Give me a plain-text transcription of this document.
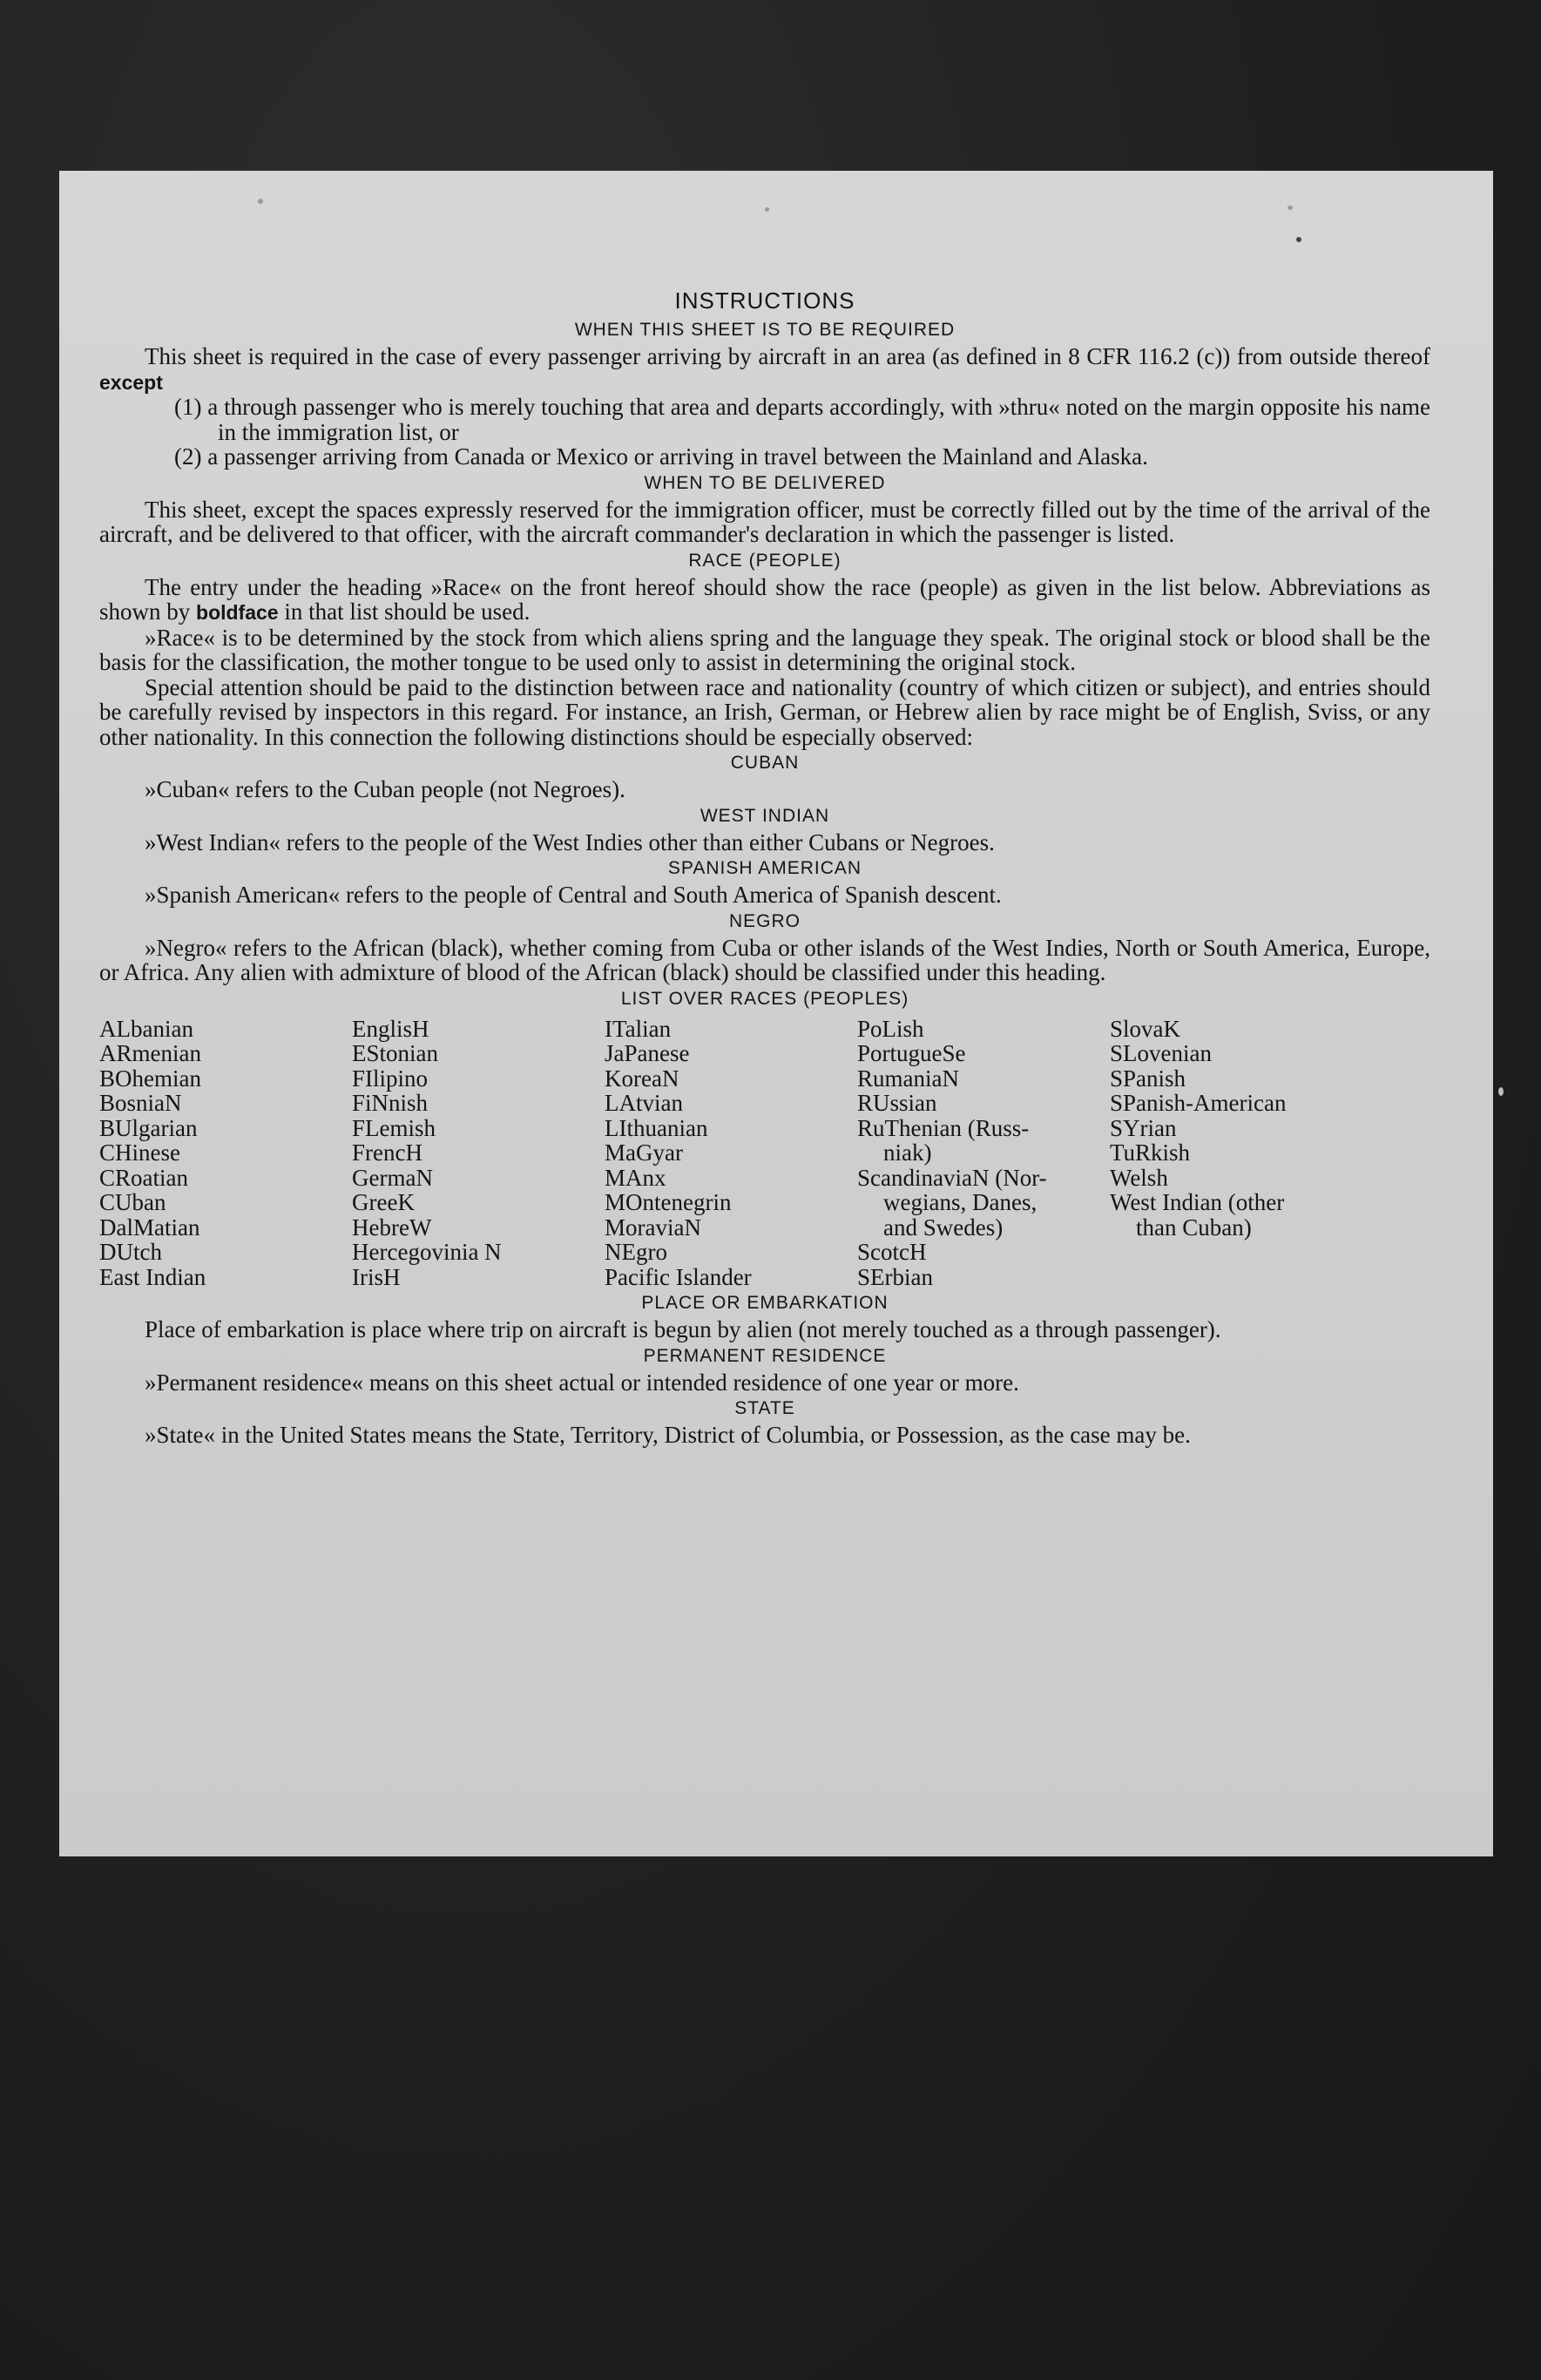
INSTRUCTIONS
WHEN THIS SHEET IS TO BE REQUIRED

This sheet is required in the case of every passenger arriving by aircraft in an area (as defined in 8 CFR 116.2 (c)) from outside thereof except

(1) a through passenger who is merely touching that area and departs accordingly, with »thru« noted on the margin opposite his name in the immigration list, or

(2) a passenger arriving from Canada or Mexico or arriving in travel between the Mainland and Alaska.

WHEN TO BE DELIVERED

This sheet, except the spaces expressly reserved for the immigration officer, must be correctly filled out by the time of the arrival of the aircraft, and be delivered to that officer, with the aircraft commander's declaration in which the passenger is listed.

RACE (PEOPLE)

The entry under the heading »Race« on the front hereof should show the race (people) as given in the list below. Abbreviations as shown by boldface in that list should be used.

»Race« is to be determined by the stock from which aliens spring and the language they speak. The original stock or blood shall be the basis for the classification, the mother tongue to be used only to assist in determining the original stock.

Special attention should be paid to the distinction between race and nationality (country of which citizen or subject), and entries should be carefully revised by inspectors in this regard. For instance, an Irish, German, or Hebrew alien by race might be of English, Sviss, or any other nationality. In this connection the following distinctions should be especially observed:

CUBAN

»Cuban« refers to the Cuban people (not Negroes).

WEST INDIAN

»West Indian« refers to the people of the West Indies other than either Cubans or Negroes.

SPANISH AMERICAN

»Spanish American« refers to the people of Central and South America of Spanish descent.

NEGRO

»Negro« refers to the African (black), whether coming from Cuba or other islands of the West Indies, North or South America, Europe, or Africa. Any alien with admixture of blood of the African (black) should be classified under this heading.

LIST OVER RACES (PEOPLES)
ALbanian
ARmenian
BOhemian
BosniaN
BUlgarian
CHinese
CRoatian
CUban
DalMatian
DUtch
East Indian
EnglisH
EStonian
FIlipino
FiNnish
FLemish
FrencH
GermaN
GreeK
HebreW
Hercegovinia N
IrisH
ITalian
JaPanese
KoreaN
LAtvian
LIthuanian
MaGyar
MAnx
MOntenegrin
MoraviaN
NEgro
Pacific Islander
PoLish
PortugueSe
RumaniaN
RUssian
RuThenian (Russ-
niak)
ScandinaviaN (Nor-
wegians, Danes,
and Swedes)
ScotcH
SErbian
SlovaK
SLovenian
SPanish
SPanish-American
SYrian
TuRkish
Welsh
West Indian (other
than Cuban)
PLACE OR EMBARKATION

Place of embarkation is place where trip on aircraft is begun by alien (not merely touched as a through passenger).

PERMANENT RESIDENCE

»Permanent residence« means on this sheet actual or intended residence of one year or more.

STATE

»State« in the United States means the State, Territory, District of Columbia, or Possession, as the case may be.
